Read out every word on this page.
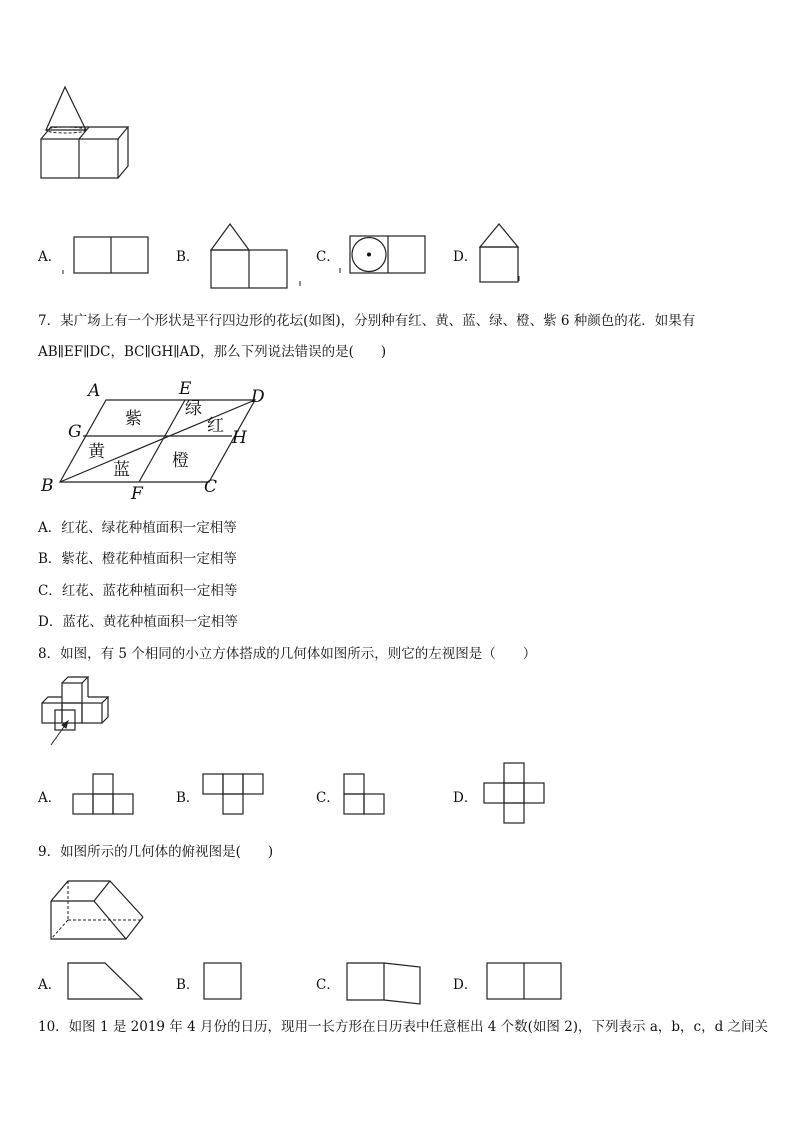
A．	B．	C．	D．
7．某广场上有一个形状是平行四边形的花坛(如图)，分别种有红、黄、蓝、绿、橙、紫 6 种颜色的花．如果有
AB∥EF∥DC，BC∥GH∥AD，那么下列说法错误的是(　　)
A	E	D
G	H
B	F	C
紫	绿
红
黄
蓝 橙
A．红花、绿花种植面积一定相等
B．紫花、橙花种植面积一定相等
C．红花、蓝花种植面积一定相等
D．蓝花、黄花种植面积一定相等
8．如图，有 5 个相同的小立方体搭成的几何体如图所示，则它的左视图是（　　）
A．	B．	C．	D．
9．如图所示的几何体的俯视图是(　　)
A．	B．	C．	D．
10．如图 1 是 2019 年 4 月份的日历，现用一长方形在日历表中任意框出 4 个数(如图 2)，下列表示 a，b，c，d 之间关
